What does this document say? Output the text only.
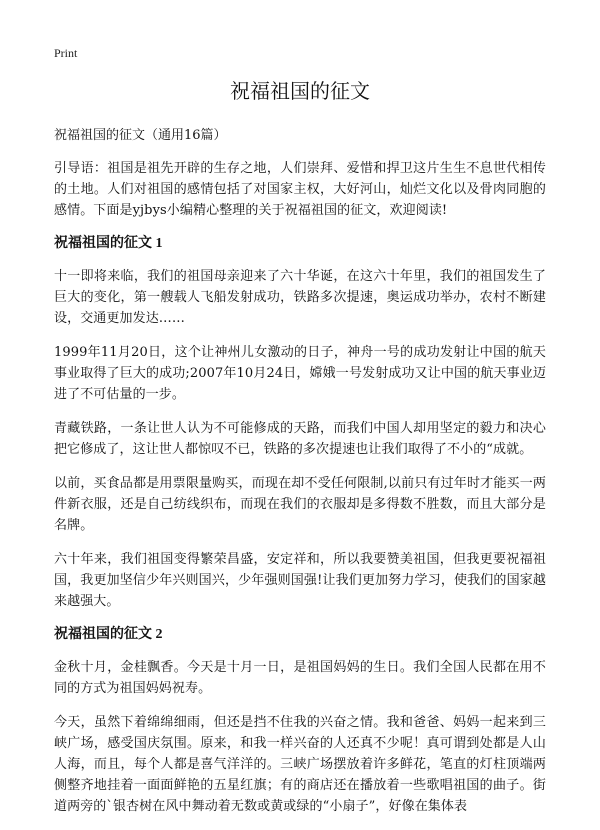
Print
祝福祖国的征文
祝福祖国的征文（通用16篇）

引导语：祖国是祖先开辟的生存之地，人们崇拜、爱惜和捍卫这片生生不息世代相传的土地。人们对祖国的感情包括了对国家主权，大好河山，灿烂文化以及骨肉同胞的感情。下面是yjbys小编精心整理的关于祝福祖国的征文，欢迎阅读!

祝福祖国的征文 1

十一即将来临，我们的祖国母亲迎来了六十华诞，在这六十年里，我们的祖国发生了巨大的变化，第一艘载人飞船发射成功，铁路多次提速，奥运成功举办，农村不断建设，交通更加发达……

1999年11月20日，这个让神州儿女激动的日子，神舟一号的成功发射让中国的航天事业取得了巨大的成功;2007年10月24日，嫦娥一号发射成功又让中国的航天事业迈进了不可估量的一步。

青藏铁路，一条让世人认为不可能修成的天路，而我们中国人却用坚定的毅力和决心把它修成了，这让世人都惊叹不已，铁路的多次提速也让我们取得了不小的“成就。

以前，买食品都是用票限量购买，而现在却不受任何限制,以前只有过年时才能买一两件新衣服，还是自己纺线织布，而现在我们的衣服却是多得数不胜数，而且大部分是名牌。

六十年来，我们祖国变得繁荣昌盛，安定祥和，所以我要赞美祖国，但我更要祝福祖国，我更加坚信少年兴则国兴，少年强则国强!让我们更加努力学习，使我们的国家越来越强大。

祝福祖国的征文 2

金秋十月，金桂飘香。今天是十月一日，是祖国妈妈的生日。我们全国人民都在用不同的方式为祖国妈妈祝寿。

今天，虽然下着绵绵细雨，但还是挡不住我的兴奋之情。我和爸爸、妈妈一起来到三峡广场，感受国庆氛围。原来，和我一样兴奋的人还真不少呢！真可谓到处都是人山人海，而且，每个人都是喜气洋洋的。三峡广场摆放着许多鲜花，笔直的灯柱顶端两侧整齐地挂着一面面鲜艳的五星红旗；有的商店还在播放着一些歌唱祖国的曲子。街道两旁的`银杏树在风中舞动着无数或黄或绿的“小扇子”，好像在集体表
